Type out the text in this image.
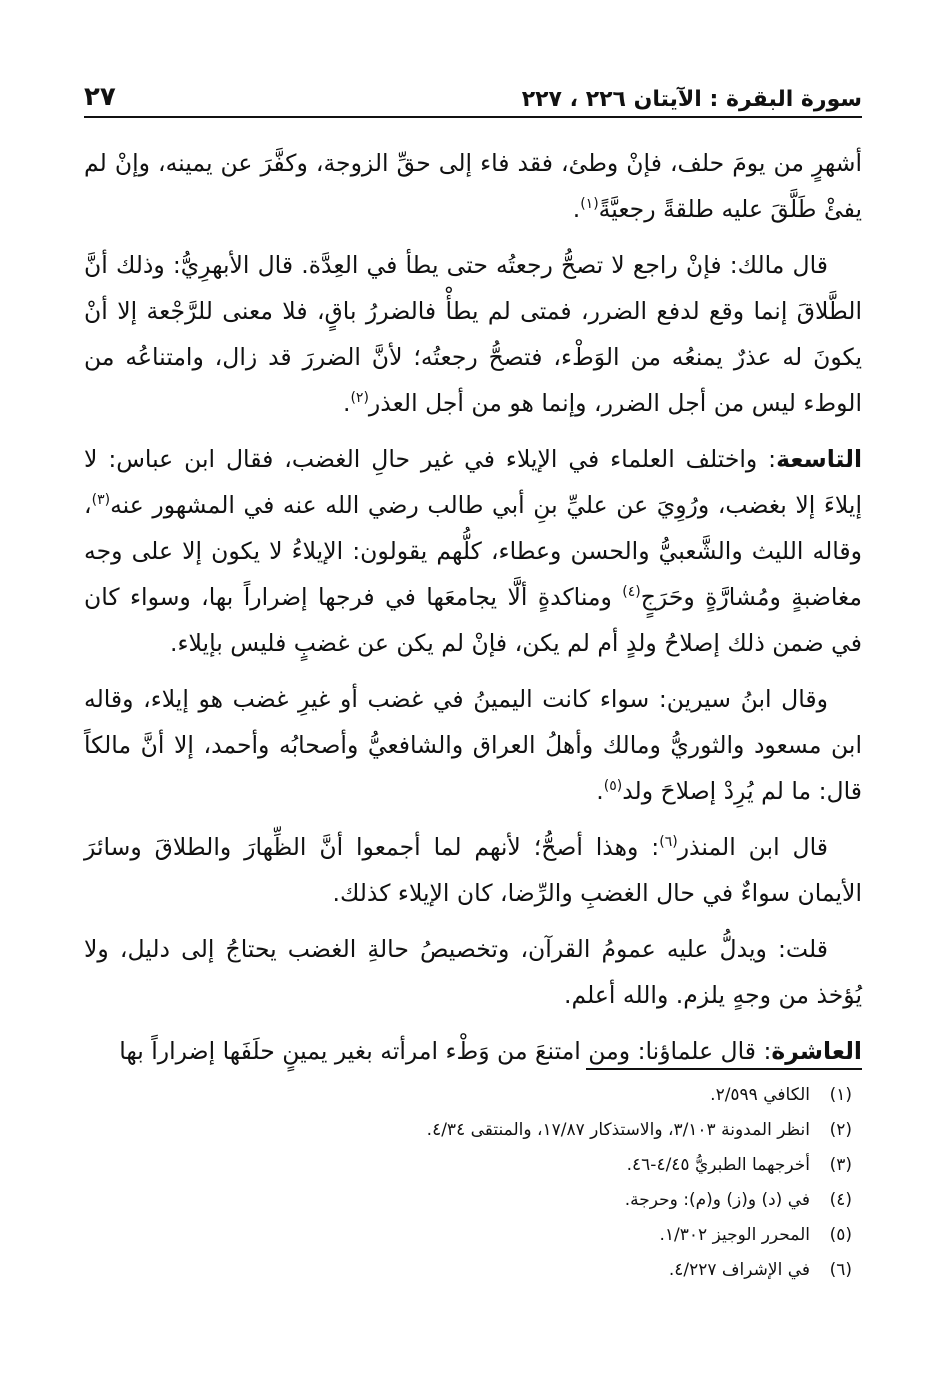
سورة البقرة : الآيتان ٢٢٦ ، ٢٢٧
٢٧

أشهرٍ من يومَ حلف، فإنْ وطئ، فقد فاء إلى حقِّ الزوجة، وكفَّرَ عن يمينه، وإنْ لم يفئْ طَلَّقَ عليه طلقةً رجعيَّةً$^{(١)}$.

قال مالك: فإنْ راجع لا تصحُّ رجعتُه حتى يطأ في العِدَّة. قال الأبهرِيُّ: وذلك أنَّ الطَّلاقَ إنما وقع لدفع الضرر، فمتى لم يطأْ فالضررُ باقٍ، فلا معنى للرَّجْعة إلا أنْ يكونَ له عذرٌ يمنعُه من الوَطْء، فتصحُّ رجعتُه؛ لأنَّ الضررَ قد زال، وامتناعُه من الوطء ليس من أجل الضرر، وإنما هو من أجل العذر$^{(٢)}$.

التاسعة: واختلف العلماء في الإيلاء في غير حالِ الغضب، فقال ابن عباس: لا إيلاءَ إلا بغضب، ورُوِيَ عن عليِّ بنِ أبي طالب رضي الله عنه في المشهور عنه$^{(٣)}$، وقاله الليث والشَّعبيُّ والحسن وعطاء، كلُّهم يقولون: الإيلاءُ لا يكون إلا على وجه مغاضبةٍ ومُشارَّةٍ وحَرَجٍ$^{(٤)}$ ومناكدةٍ ألَّا يجامعَها في فرجها إضراراً بها، وسواء كان في ضمن ذلك إصلاحُ ولدٍ أم لم يكن، فإنْ لم يكن عن غضبٍ فليس بإيلاء.

وقال ابنُ سيرين: سواء كانت اليمينُ في غضب أو غيرِ غضب هو إيلاء، وقاله ابن مسعود والثوريُّ ومالك وأهلُ العراق والشافعيُّ وأصحابُه وأحمد، إلا أنَّ مالكاً قال: ما لم يُرِدْ إصلاحَ ولد$^{(٥)}$.

قال ابن المنذر$^{(٦)}$: وهذا أصحُّ؛ لأنهم لما أجمعوا أنَّ الظِّهارَ والطلاقَ وسائرَ الأيمان سواءٌ في حال الغضبِ والرِّضا، كان الإيلاء كذلك.

قلت: ويدلُّ عليه عمومُ القرآن، وتخصيصُ حالةِ الغضب يحتاجُ إلى دليل، ولا يُؤخذ من وجهٍ يلزم. والله أعلم.

العاشرة: قال علماؤنا: ومن امتنعَ من وَطْء امرأته بغير يمينٍ حلَفَها إضراراً بها

(١)
الكافي ٢/٥٩٩.
(٢)
انظر المدونة ٣/١٠٣، والاستذكار ١٧/٨٧، والمنتقى ٤/٣٤.
(٣)
أخرجهما الطبريُّ ٤/٤٥-٤٦.
(٤)
في (د) و(ز) و(م): وحرجة.
(٥)
المحرر الوجيز ١/٣٠٢.
(٦)
في الإشراف ٤/٢٢٧.
